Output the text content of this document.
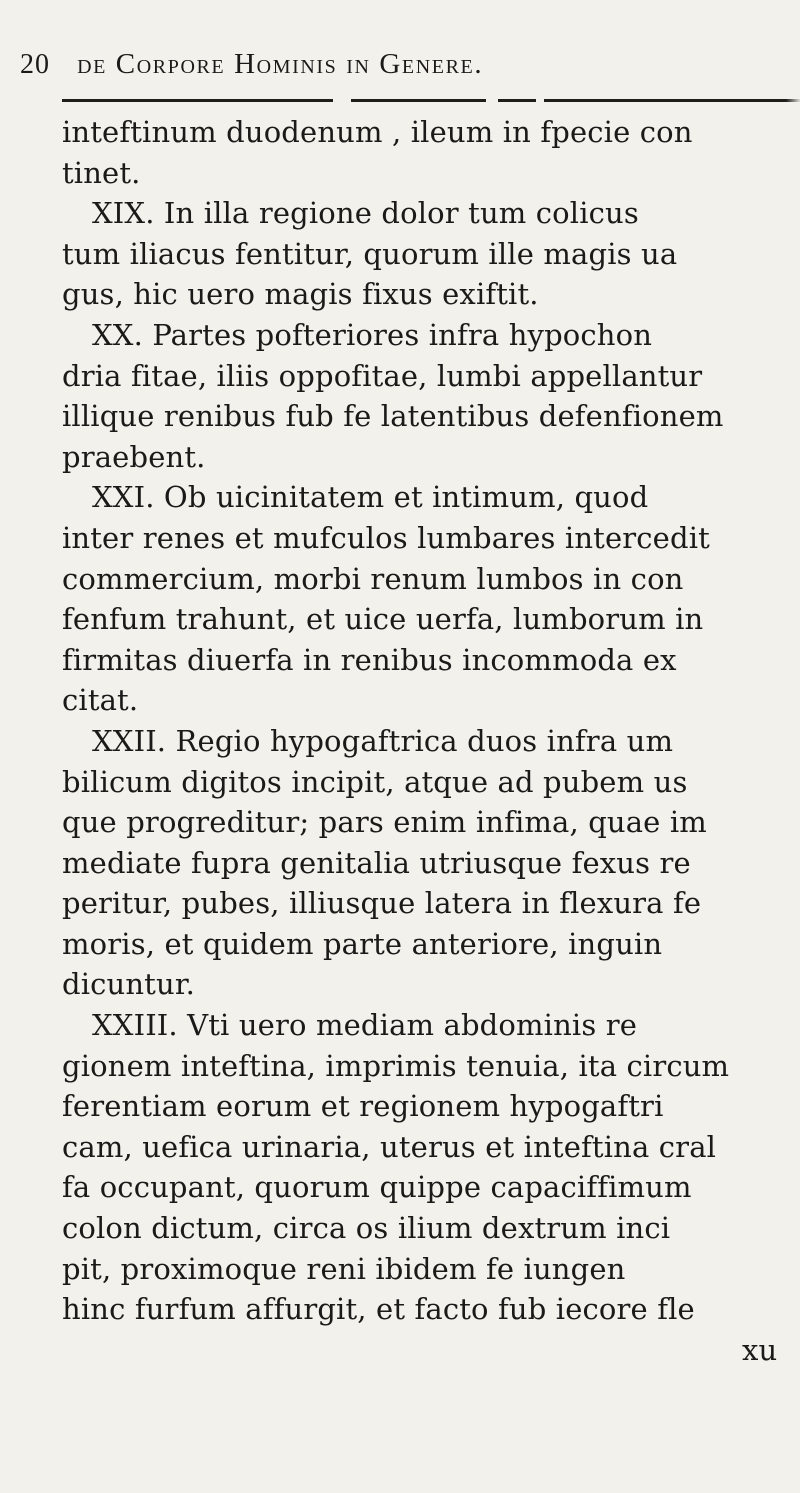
20 de Corpore Hominis in Genere.
inteftinum duodenum , ileum in fpecie con
tinet.
XIX. In illa regione dolor tum colicus
tum iliacus fentitur, quorum ille magis ua
gus, hic uero magis fixus exiftit.
XX. Partes pofteriores infra hypochon
dria fitae, iliis oppofitae, lumbi appellantur
illique renibus fub fe latentibus defenfionem
praebent.
XXI. Ob uicinitatem et intimum, quod
inter renes et mufculos lumbares intercedit
commercium, morbi renum lumbos in con
fenfum trahunt, et uice uerfa, lumborum in
firmitas diuerfa in renibus incommoda ex
citat.
XXII. Regio hypogaftrica duos infra um
bilicum digitos incipit, atque ad pubem us
que progreditur; pars enim infima, quae im
mediate fupra genitalia utriusque fexus re
peritur, pubes, illiusque latera in flexura fe
moris, et quidem parte anteriore, inguin
dicuntur.
XXIII. Vti uero mediam abdominis re
gionem inteftina, imprimis tenuia, ita circum
ferentiam eorum et regionem hypogaftri
cam, uefica urinaria, uterus et inteftina cral
fa occupant, quorum quippe capaciffimum
colon dictum, circa os ilium dextrum inci
pit, proximoque reni ibidem fe iungen
hinc furfum affurgit, et facto fub iecore fle
xu
